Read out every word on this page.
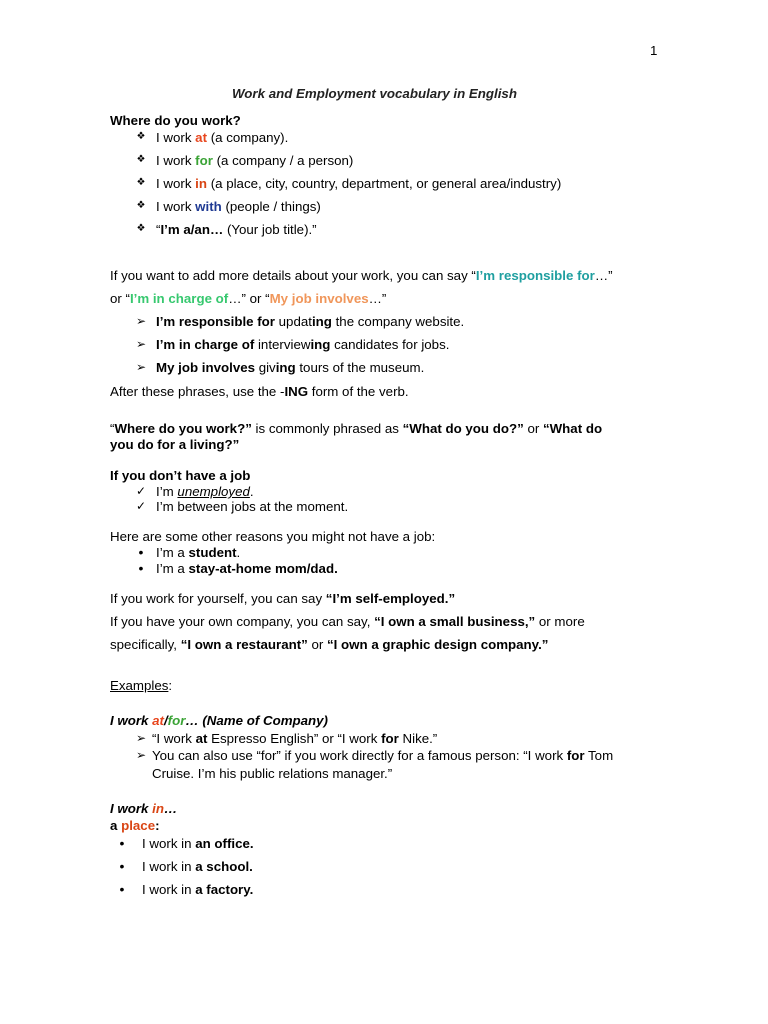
1
Work and Employment vocabulary in English
Where do you work?
❖ I work at (a company).
❖ I work for (a company / a person)
❖ I work in (a place, city, country, department, or general area/industry)
❖ I work with (people / things)
❖ “I’m a/an… (Your job title).”
If you want to add more details about your work, you can say “I’m responsible for…”
or “I’m in charge of…” or “My job involves…”
➢ I’m responsible for updating the company website.
➢ I’m in charge of interviewing candidates for jobs.
➢ My job involves giving tours of the museum.
After these phrases, use the -ING form of the verb.
“Where do you work?” is commonly phrased as “What do you do?” or “What do
you do for a living?”
If you don’t have a job
✓ I’m unemployed.
✓ I’m between jobs at the moment.
Here are some other reasons you might not have a job:
• I’m a student.
• I’m a stay-at-home mom/dad.
If you work for yourself, you can say “I’m self-employed.”
If you have your own company, you can say, “I own a small business,” or more
specifically, “I own a restaurant” or “I own a graphic design company.”
Examples:
I work at/for… (Name of Company)
➢ “I work at Espresso English” or “I work for Nike.”
➢ You can also use “for” if you work directly for a famous person: “I work for Tom
Cruise. I’m his public relations manager.”
I work in…
a place:
•	I work in an office.
•	I work in a school.
•	I work in a factory.
